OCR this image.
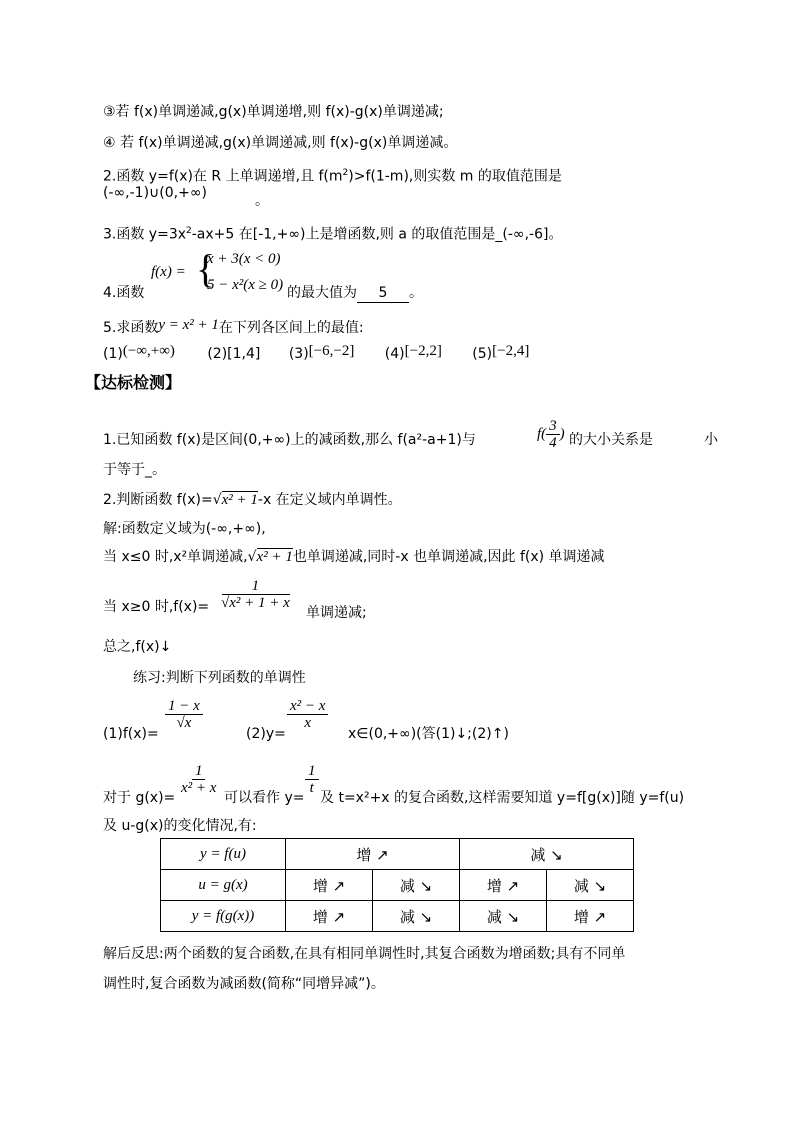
③若 f(x)单调递减,g(x)单调递增,则 f(x)-g(x)单调递减;
④ 若 f(x)单调递减,g(x)单调递减,则 f(x)-g(x)单调递减。
2.函数 y=f(x)在 R 上单调递增,且 $f(m^2)>f(1-m)$,则实数 m 的取值范围是
(-∞,-1)∪(0,+∞)	。
3.函数 $y=3x^2-ax+5$ 在[-1,+∞)上是增函数,则 a 的取值范围是_(-∞,-6]。
4.函数
f(x) = {
x + 3(x < 0)
5 − x²(x ≥ 0) 的最大值为 5 。
5.求函数y = x² + 1在下列各区间上的最值:
(1)(−∞,+∞) (2)[1,4] (3)[−6,−2] (4)[−2,2] (5)[−2,4]
【达标检测】
1.已知函数 f(x)是区间(0,+∞)上的减函数,那么 f(a²-a+1)与	$f( \frac{3}{4}$ ) 的大小关系是	小
于等于_。
2.判断函数 f(x)=√x² + 1-x 在定义域内单调性。
解:函数定义域为(-∞,+∞),
当 x≤0 时,x²单调递减,√x² + 1也单调递减,同时-x 也单调递减,因此 f(x) 单调递减
当 x≥0 时$,f(x)= \frac{1}{\text{√x² + 1 + x}}$
单调递减;
总之,f(x)↓
练习:判断下列函数的单调性
(1)f(x)=
$\frac{1 - x}{√x}$
(2)y=
$\frac{\text{x² − x}}{x}$
x∈(0,+∞)(答(1)↓;(2)↑)
对于 g(x)=
$\frac{1}{\text{x² + x}}$
可以看作 y=
$\frac{1}{t}$
及 t=x²+x 的复合函数,这样需要知道 y=f[g(x)]随 y=f(u)
及 u-g(x)的变化情况,有:
y = f(u)	增 ↗		减 ↘	
u = g(x)	增 ↗	减 ↘	增 ↗	减 ↘
y = f(g(x))	增 ↗	减 ↘	减 ↘	增 ↗
解后反思:两个函数的复合函数,在具有相同单调性时,其复合函数为增函数;具有不同单
调性时,复合函数为减函数(简称“同增异减”)。
